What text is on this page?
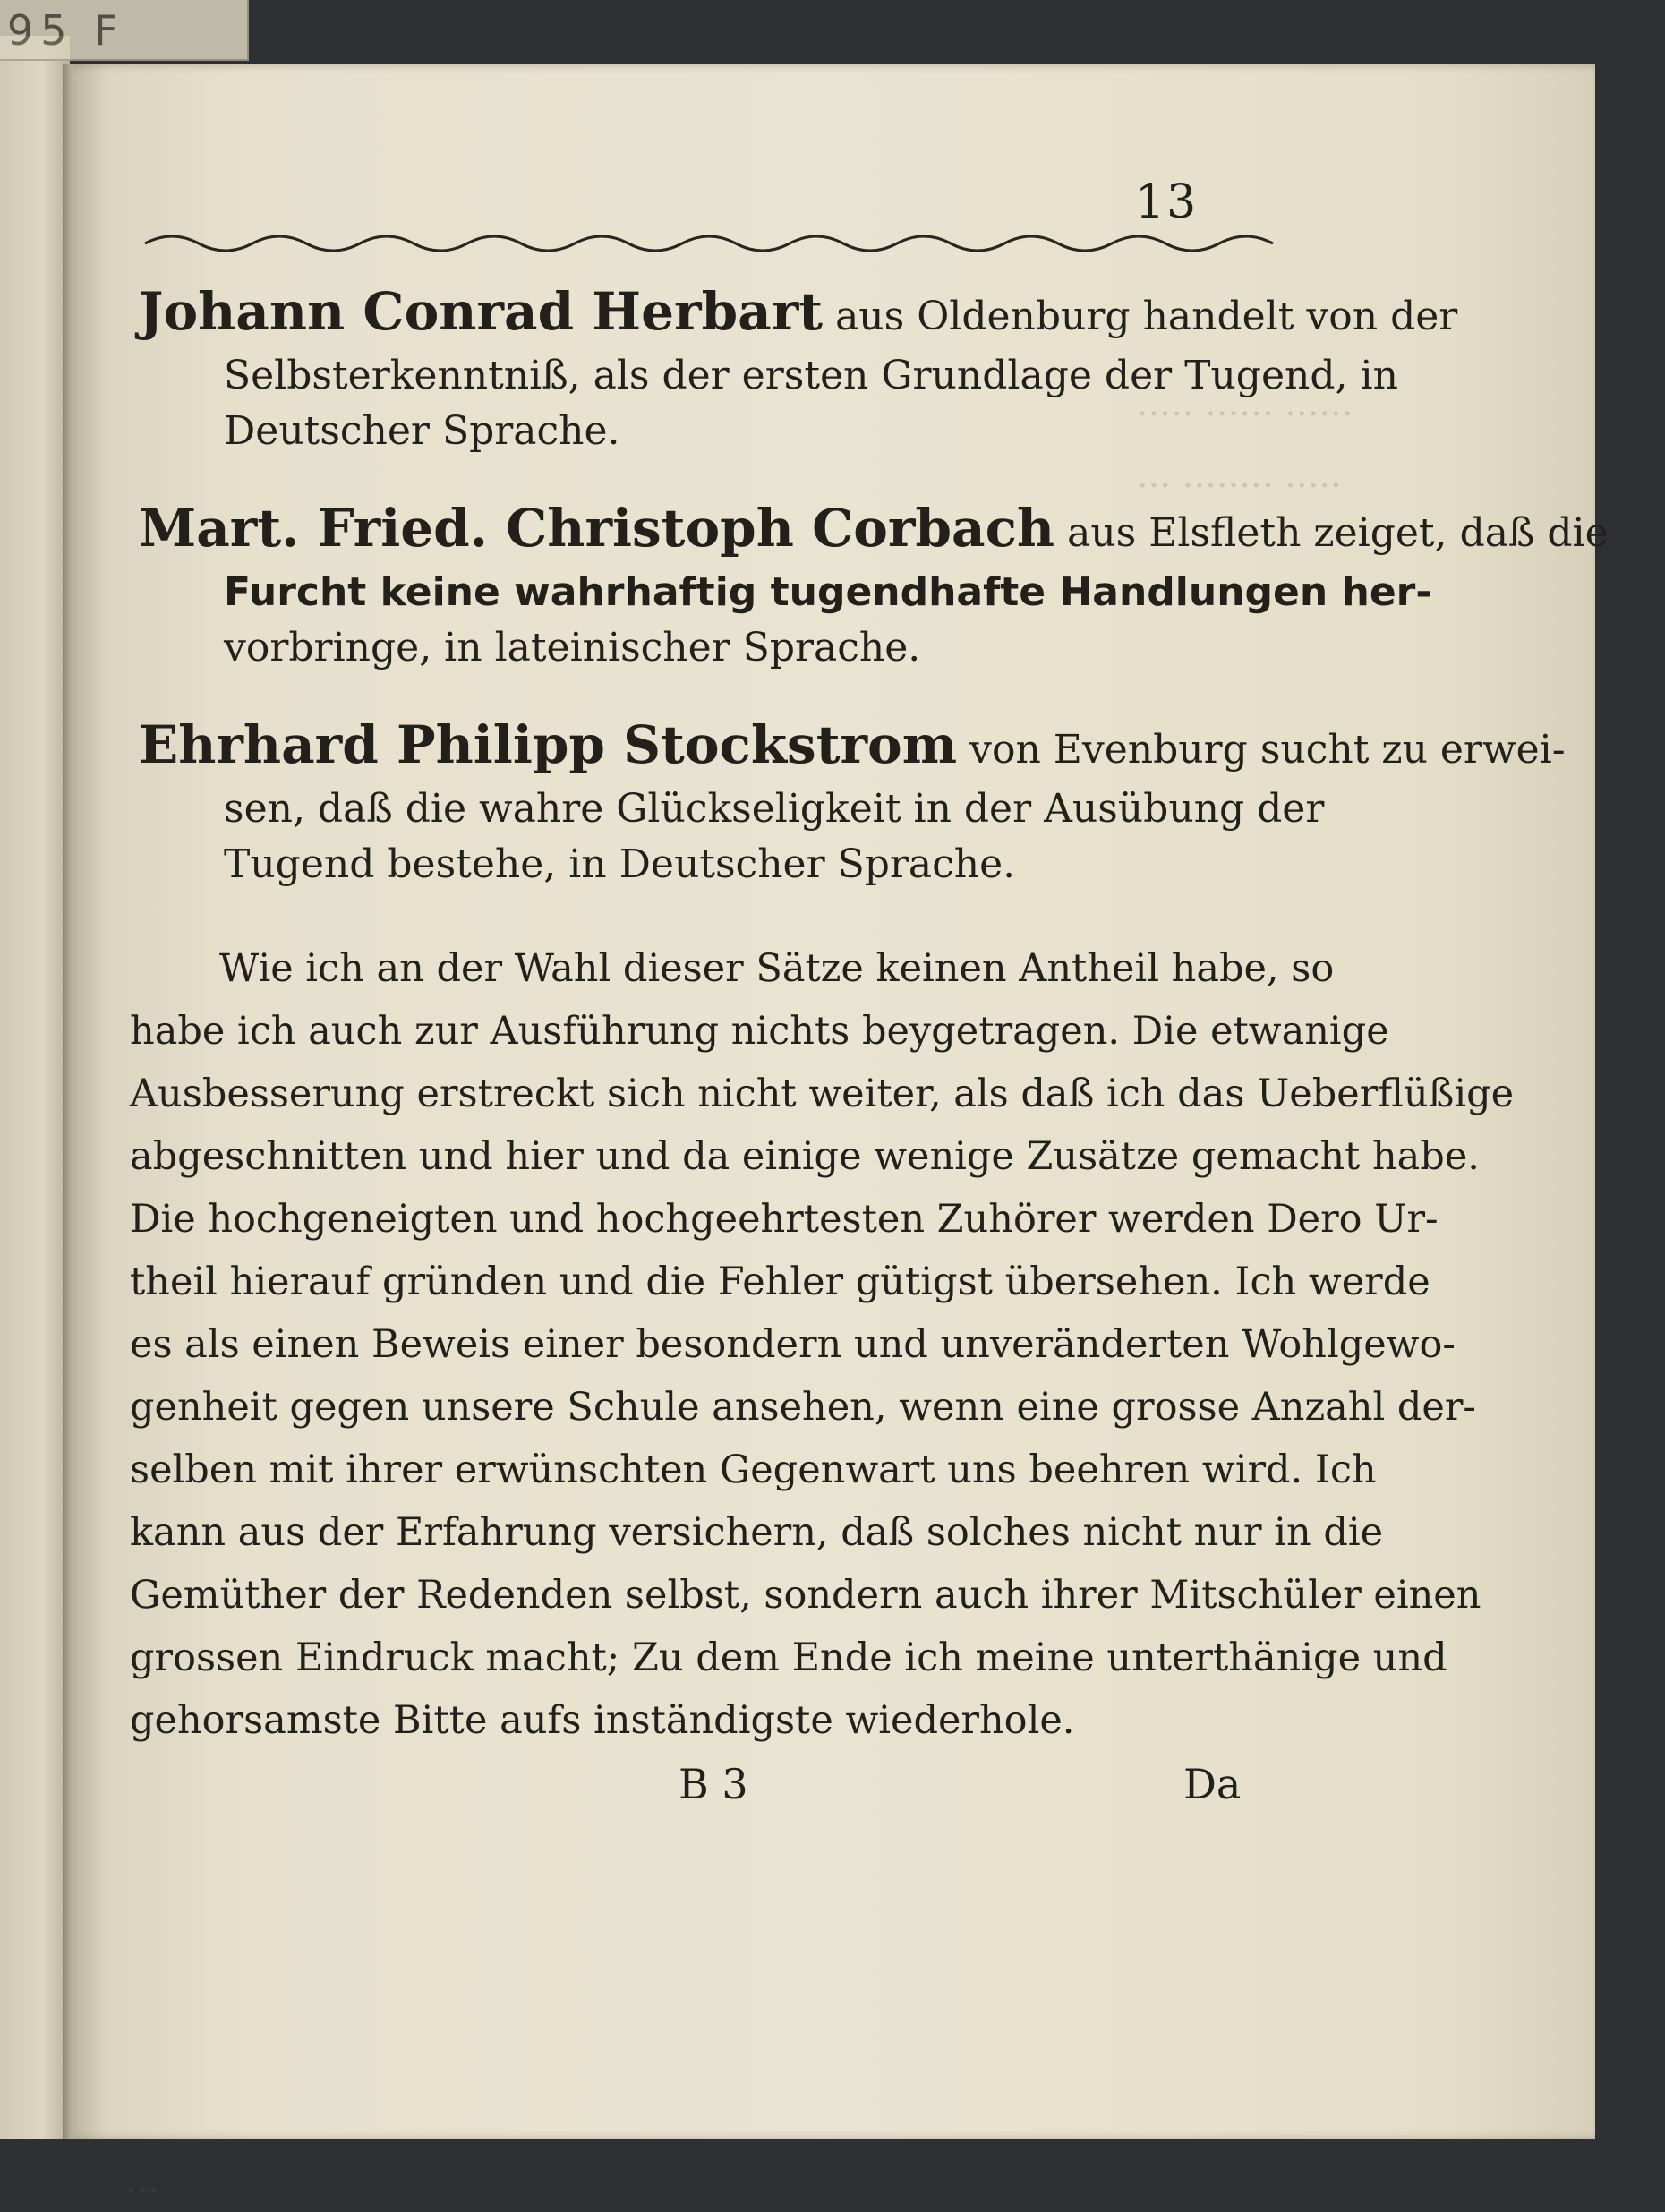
95 F
····· ······ ······
··· ········ ·····
···
13
Johann Conrad Herbart aus Oldenburg handelt von der
Selbsterkenntniß, als der ersten Grundlage der Tugend, in
Deutscher Sprache.
Mart. Fried. Christoph Corbach aus Elsfleth zeiget, daß die
Furcht keine wahrhaftig tugendhafte Handlungen her-
vorbringe, in lateinischer Sprache.
Ehrhard Philipp Stockstrom von Evenburg sucht zu erwei-
sen, daß die wahre Glückseligkeit in der Ausübung der
Tugend bestehe, in Deutscher Sprache.
Wie ich an der Wahl dieser Sätze keinen Antheil habe, so
habe ich auch zur Ausführung nichts beygetragen. Die etwanige
Ausbesserung erstreckt sich nicht weiter, als daß ich das Ueberflüßige
abgeschnitten und hier und da einige wenige Zusätze gemacht habe.
Die hochgeneigten und hochgeehrtesten Zuhörer werden Dero Ur-
theil hierauf gründen und die Fehler gütigst übersehen. Ich werde
es als einen Beweis einer besondern und unveränderten Wohlgewo-
genheit gegen unsere Schule ansehen, wenn eine grosse Anzahl der-
selben mit ihrer erwünschten Gegenwart uns beehren wird. Ich
kann aus der Erfahrung versichern, daß solches nicht nur in die
Gemüther der Redenden selbst, sondern auch ihrer Mitschüler einen
grossen Eindruck macht; Zu dem Ende ich meine unterthänige und
gehorsamste Bitte aufs inständigste wiederhole.
B 3	Da
